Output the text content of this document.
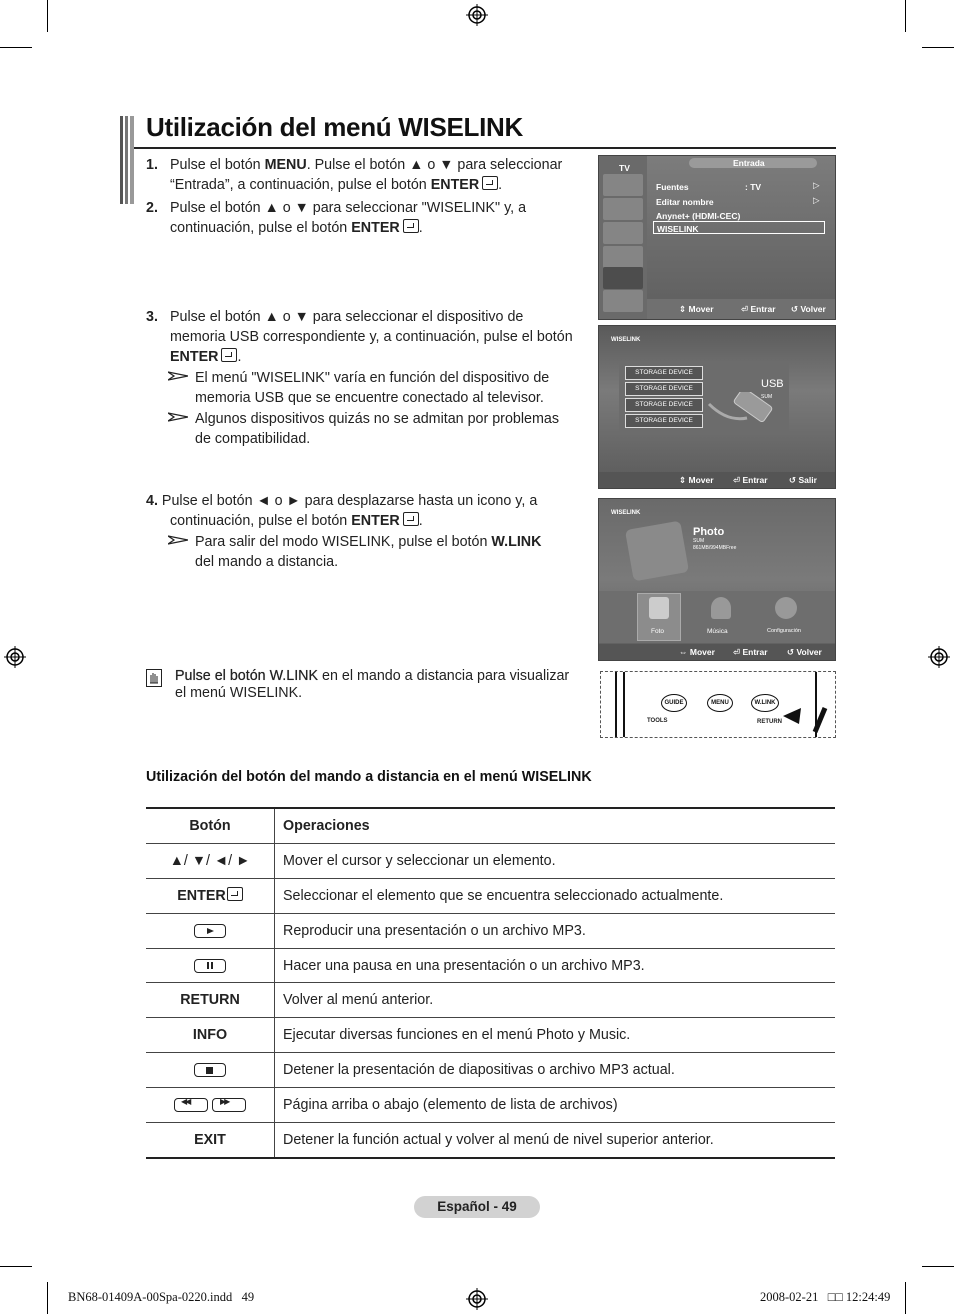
Utilización del menú WISELINK
1. Pulse el botón MENU. Pulse el botón ▲ o ▼ para seleccionar
“Entrada”, a continuación, pulse el botón ENTER .
2. Pulse el botón ▲ o ▼ para seleccionar "WISELINK" y, a
continuación, pulse el botón ENTER .
3. Pulse el botón ▲ o ▼ para seleccionar el dispositivo de
memoria USB correspondiente y, a continuación, pulse el botón
ENTER .
El menú "WISELINK" varía en función del dispositivo de
memoria USB que se encuentre conectado al televisor.
Algunos dispositivos quizás no se admitan por problemas
de compatibilidad.
4. Pulse el botón ◄ o ► para desplazarse hasta un icono y, a
continuación, pulse el botón ENTER .
Para salir del modo WISELINK, pulse el botón W.LINK
del mando a distancia.
Pulse el botón W.LINK en el mando a distancia para visualizar
el menú WISELINK.
TV	Entrada
Fuentes	: TV	▷
Editar nombre	▷
Anynet+ (HDMI-CEC)
WISELINK
⇕ Mover	⏎ Entrar ↺ Volver
WISELINK
STORAGE DEVICE
STORAGE DEVICE
STORAGE DEVICE
STORAGE DEVICE
USB
SUM
⇕ Mover ⏎ Entrar	↺ Salir
WISELINK
Photo
SUM
861MB/994MBFree
Foto	Música	Configuración
⇔ Mover ⏎ Entrar ↺ Volver
GUIDE	MENU	W.LINK
TOOLS	RETURN
Utilización del botón del mando a distancia en el menú WISELINK
Botón	Operaciones
▲/ ▼/ ◄/ ►	Mover el cursor y seleccionar un elemento.
ENTER	Seleccionar el elemento que se encuentra seleccionado actualmente.
	Reproducir una presentación o un archivo MP3.
	Hacer una pausa en una presentación o un archivo MP3.
RETURN	Volver al menú anterior.
INFO	Ejecutar diversas funciones en el menú Photo y Music.
	Detener la presentación de diapositivas o archivo MP3 actual.
◀◀ ▶▶	Página arriba o abajo (elemento de lista de archivos)
EXIT	Detener la función actual y volver al menú de nivel superior anterior.
Español - 49
BN68-01409A-00Spa-0220.indd   49	2008-02-21   □□ 12:24:49
